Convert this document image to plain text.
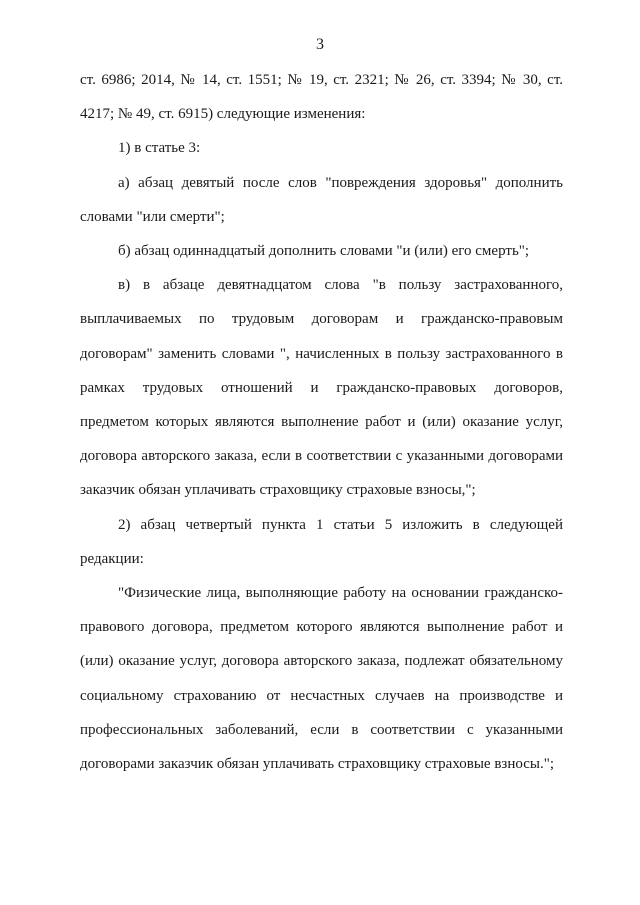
3

ст. 6986; 2014, № 14, ст. 1551; № 19, ст. 2321; № 26, ст. 3394; № 30, ст. 4217; № 49, ст. 6915) следующие изменения:

1) в статье 3:

а) абзац девятый после слов "повреждения здоровья" дополнить словами "или смерти";

б) абзац одиннадцатый дополнить словами "и (или) его смерть";

в) в абзаце девятнадцатом слова "в пользу застрахованного, выплачиваемых по трудовым договорам и гражданско-правовым договорам" заменить словами ", начисленных в пользу застрахованного в рамках трудовых отношений и гражданско-правовых договоров, предметом которых являются выполнение работ и (или) оказание услуг, договора авторского заказа, если в соответствии с указанными договорами заказчик обязан уплачивать страховщику страховые взносы,";

2) абзац четвертый пункта 1 статьи 5 изложить в следующей редакции:

"Физические лица, выполняющие работу на основании гражданско-правового договора, предметом которого являются выполнение работ и (или) оказание услуг, договора авторского заказа, подлежат обязательному социальному страхованию от несчастных случаев на производстве и профессиональных заболеваний, если в соответствии с указанными договорами заказчик обязан уплачивать страховщику страховые взносы.";
